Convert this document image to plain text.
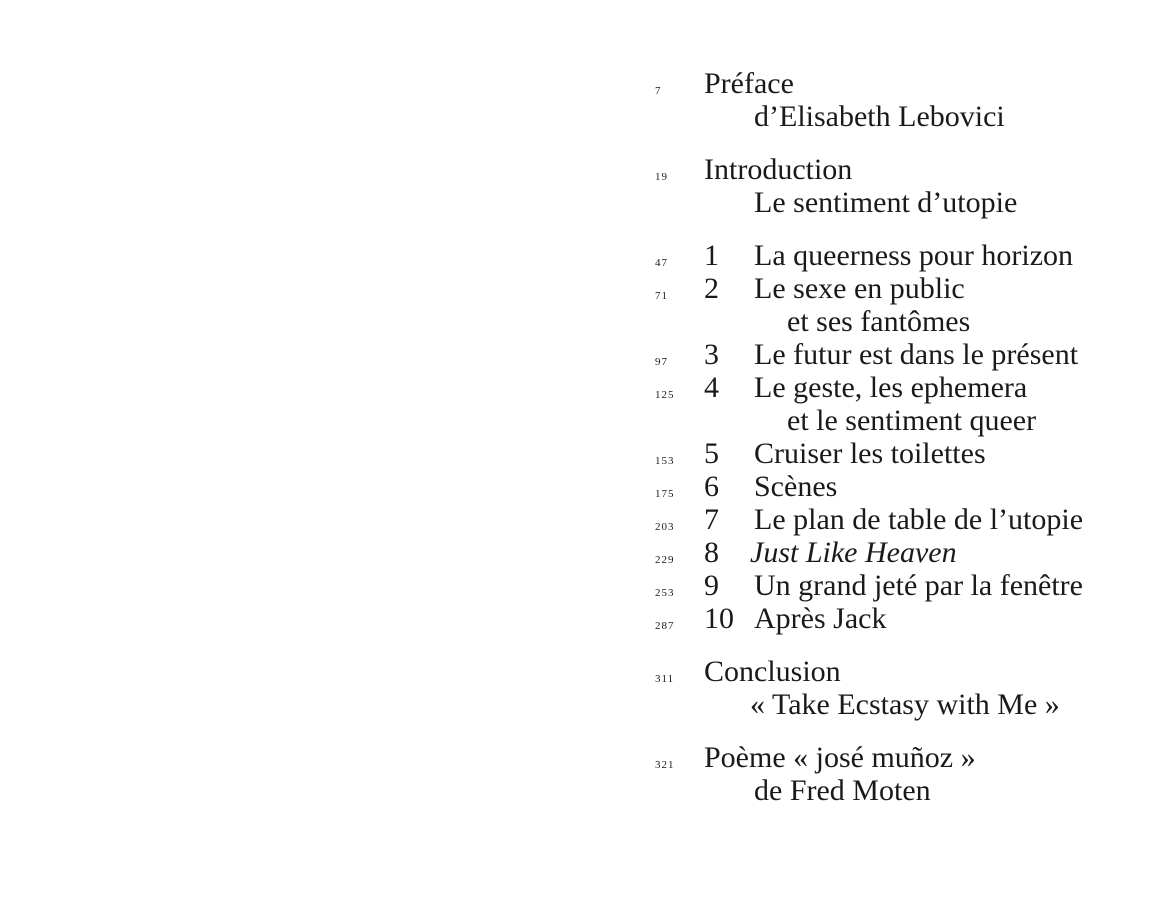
7 Préface
d’Elisabeth Lebovici
19 Introduction
Le sentiment d’utopie
47 1 La queerness pour horizon
71 2 Le sexe en public
et ses fantômes
97 3 Le futur est dans le présent
125 4 Le geste, les ephemera
et le sentiment queer
153 5 Cruiser les toilettes
175 6 Scènes
203 7 Le plan de table de l’utopie
229 8 Just Like Heaven
253 9 Un grand jeté par la fenêtre
287 10 Après Jack
311 Conclusion
« Take Ecstasy with Me »
321 Poème « josé muñoz »
de Fred Moten
